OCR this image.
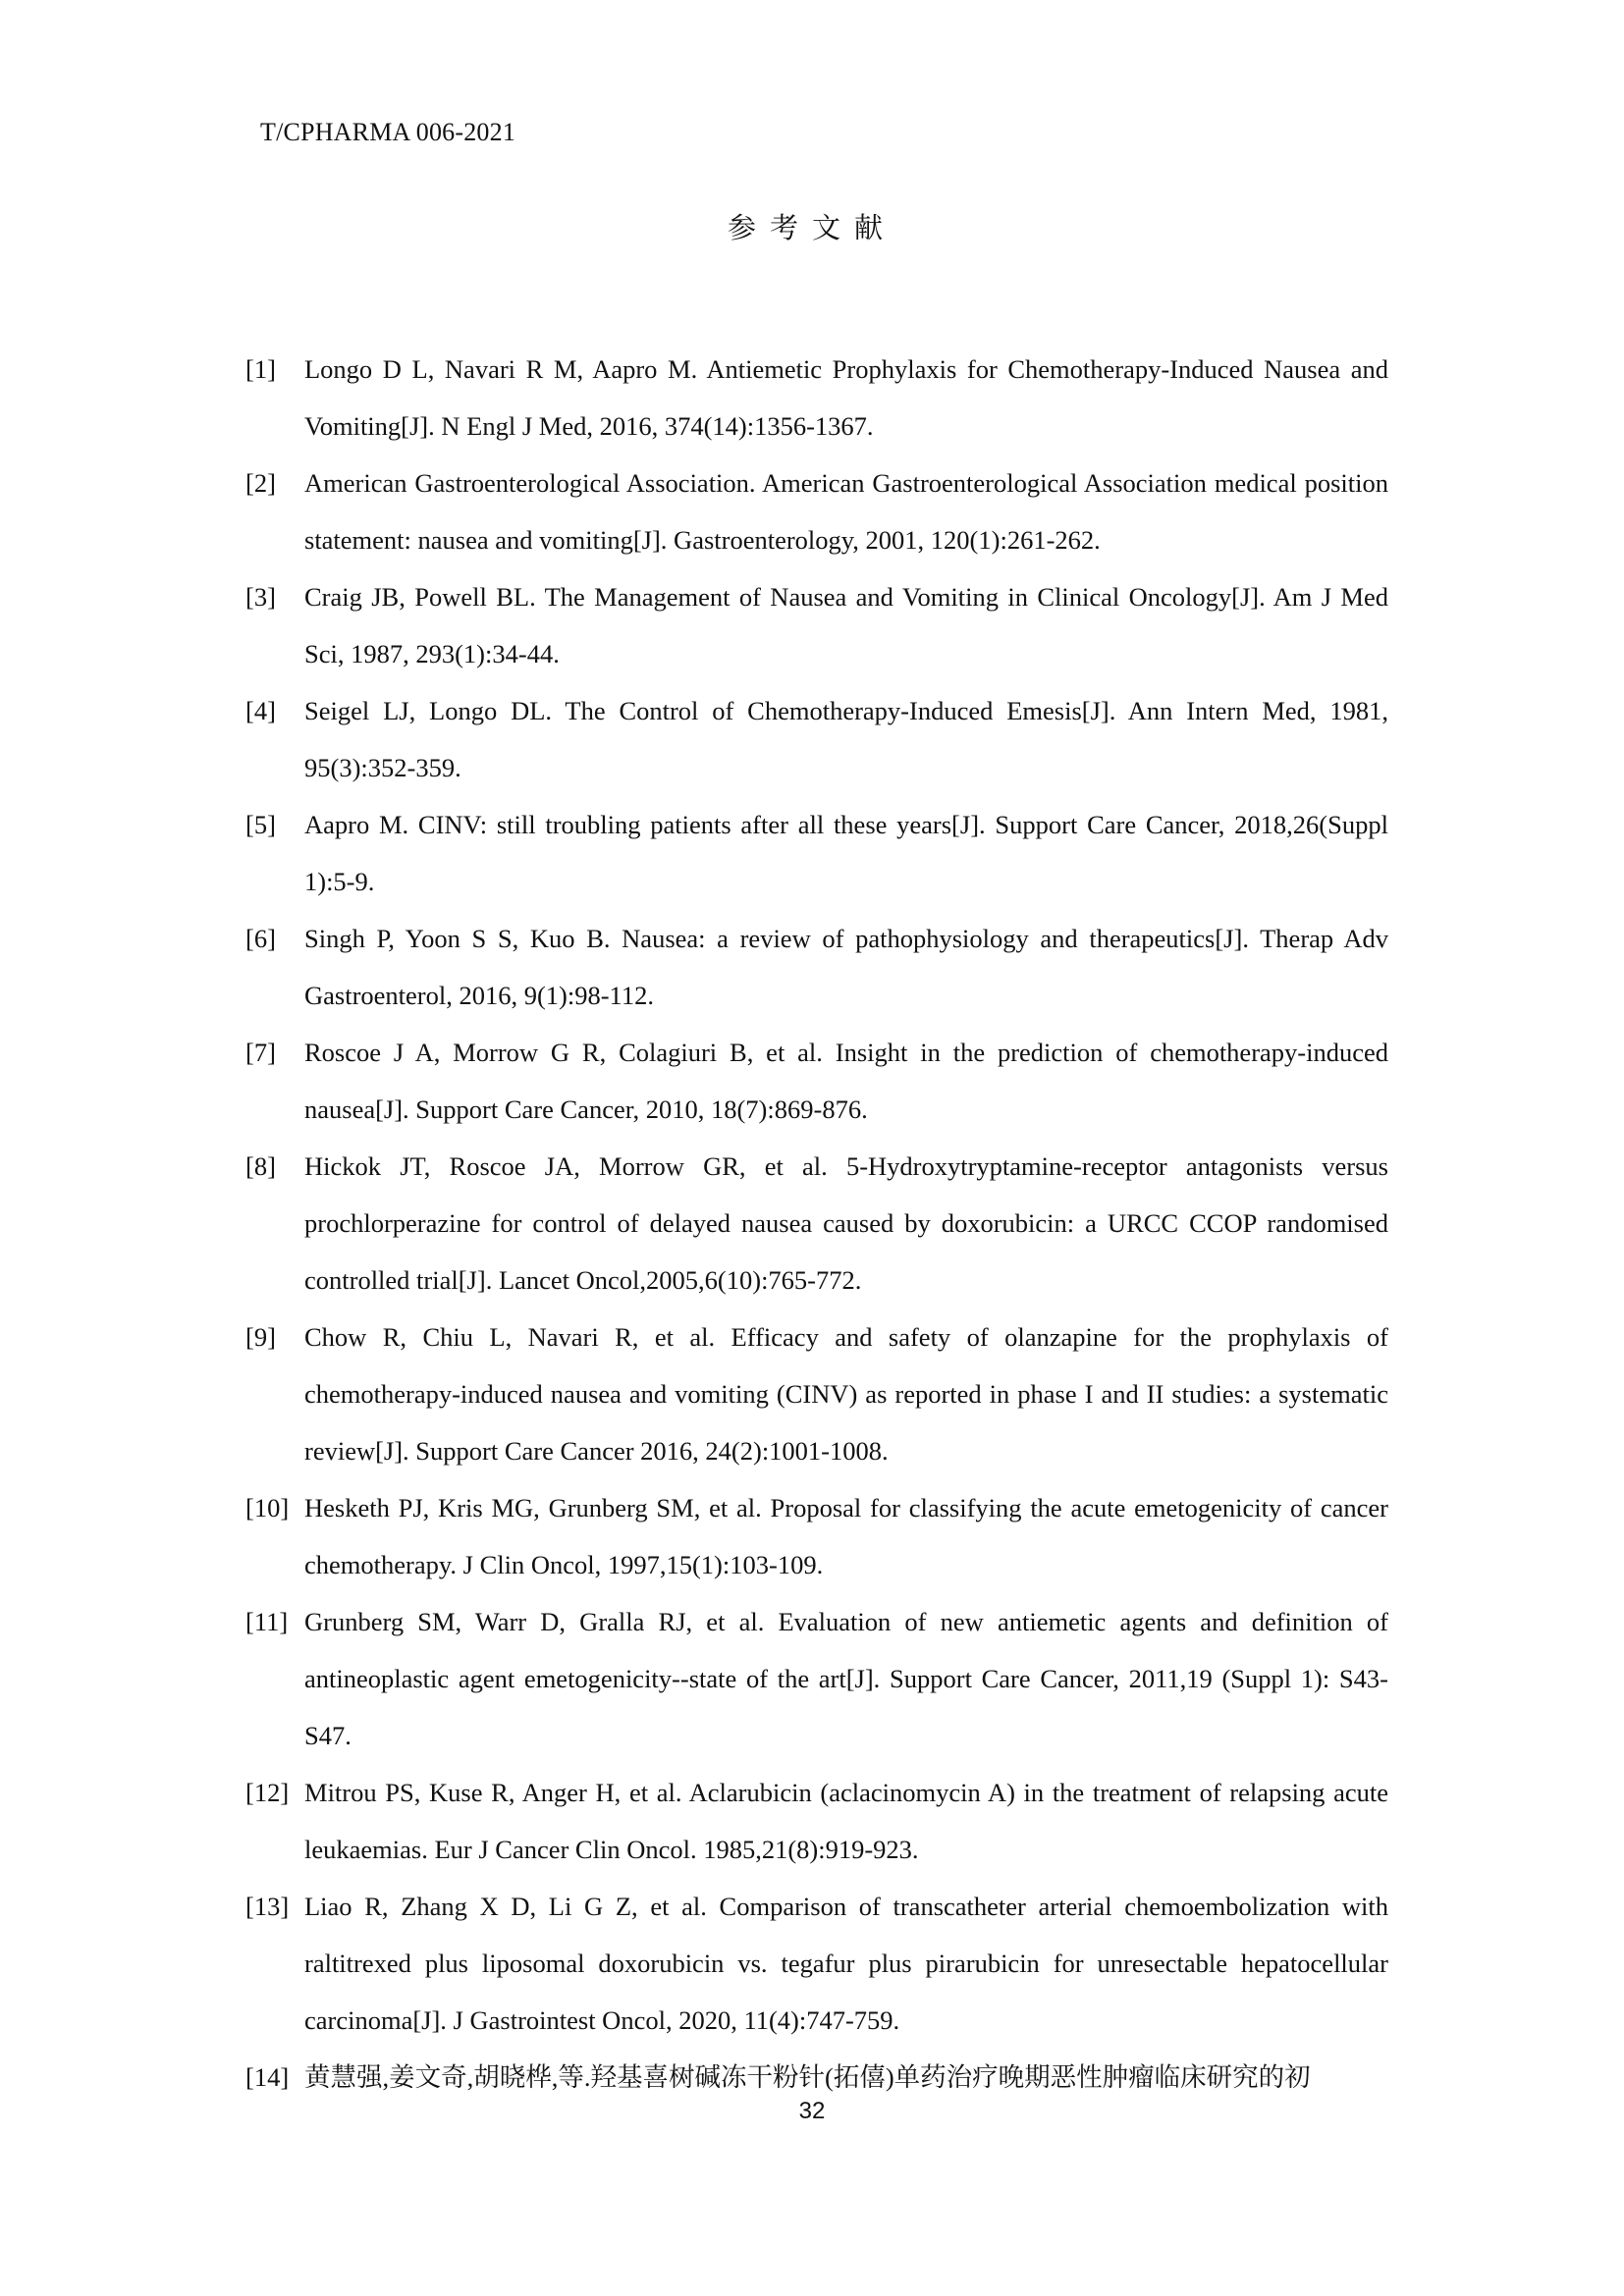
T/CPHARMA 006-2021
参考文献
[1] Longo D L, Navari R M, Aapro M. Antiemetic Prophylaxis for Chemotherapy-Induced Nausea and Vomiting[J]. N Engl J Med, 2016, 374(14):1356-1367.
[2] American Gastroenterological Association. American Gastroenterological Association medical position statement: nausea and vomiting[J]. Gastroenterology, 2001, 120(1):261-262.
[3] Craig JB, Powell BL. The Management of Nausea and Vomiting in Clinical Oncology[J]. Am J Med Sci, 1987, 293(1):34-44.
[4] Seigel LJ, Longo DL. The Control of Chemotherapy-Induced Emesis[J]. Ann Intern Med, 1981, 95(3):352-359.
[5] Aapro M. CINV: still troubling patients after all these years[J]. Support Care Cancer, 2018,26(Suppl 1):5-9.
[6] Singh P, Yoon S S, Kuo B. Nausea: a review of pathophysiology and therapeutics[J]. Therap Adv Gastroenterol, 2016, 9(1):98-112.
[7] Roscoe J A, Morrow G R, Colagiuri B, et al. Insight in the prediction of chemotherapy-induced nausea[J]. Support Care Cancer, 2010, 18(7):869-876.
[8] Hickok JT, Roscoe JA, Morrow GR, et al. 5-Hydroxytryptamine-receptor antagonists versus prochlorperazine for control of delayed nausea caused by doxorubicin: a URCC CCOP randomised controlled trial[J]. Lancet Oncol,2005,6(10):765-772.
[9] Chow R, Chiu L, Navari R, et al. Efficacy and safety of olanzapine for the prophylaxis of chemotherapy-induced nausea and vomiting (CINV) as reported in phase I and II studies: a systematic review[J]. Support Care Cancer 2016, 24(2):1001-1008.
[10] Hesketh PJ, Kris MG, Grunberg SM, et al. Proposal for classifying the acute emetogenicity of cancer chemotherapy. J Clin Oncol, 1997,15(1):103-109.
[11] Grunberg SM, Warr D, Gralla RJ, et al. Evaluation of new antiemetic agents and definition of antineoplastic agent emetogenicity--state of the art[J]. Support Care Cancer, 2011,19 (Suppl 1): S43-S47.
[12] Mitrou PS, Kuse R, Anger H, et al. Aclarubicin (aclacinomycin A) in the treatment of relapsing acute leukaemias. Eur J Cancer Clin Oncol. 1985,21(8):919-923.
[13] Liao R, Zhang X D, Li G Z, et al. Comparison of transcatheter arterial chemoembolization with raltitrexed plus liposomal doxorubicin vs. tegafur plus pirarubicin for unresectable hepatocellular carcinoma[J]. J Gastrointest Oncol, 2020, 11(4):747-759.
[14] 黄慧强,姜文奇,胡晓桦,等.羟基喜树碱冻干粉针(拓僖)单药治疗晚期恶性肿瘤临床研究的初
32
